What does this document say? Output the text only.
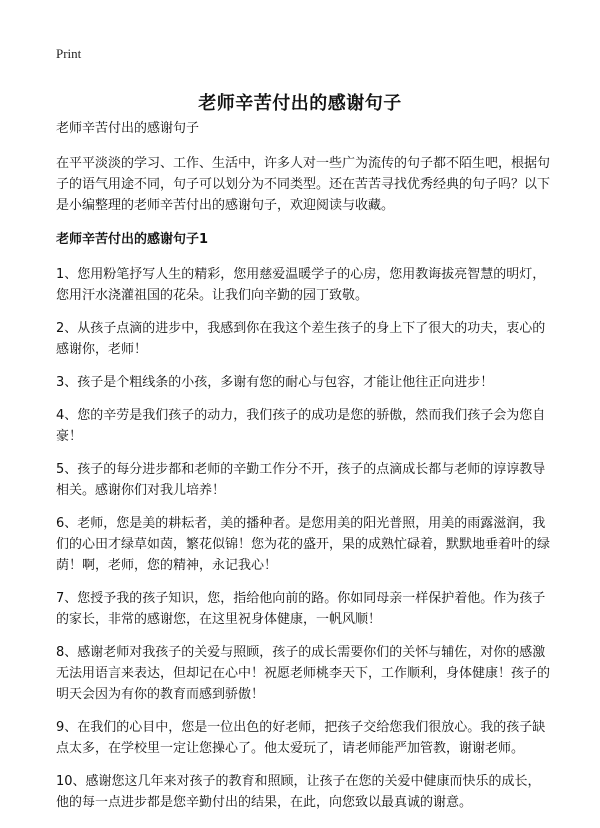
Print
老师辛苦付出的感谢句子

老师辛苦付出的感谢句子

在平平淡淡的学习、工作、生活中，许多人对一些广为流传的句子都不陌生吧，根据句子的语气用途不同，句子可以划分为不同类型。还在苦苦寻找优秀经典的句子吗？以下是小编整理的老师辛苦付出的感谢句子，欢迎阅读与收藏。

老师辛苦付出的感谢句子1

1、您用粉笔抒写人生的精彩，您用慈爱温暖学子的心房，您用教诲拔亮智慧的明灯，您用汗水浇灌祖国的花朵。让我们向辛勤的园丁致敬。

2、从孩子点滴的进步中，我感到你在我这个差生孩子的身上下了很大的功夫，衷心的感谢你，老师！

3、孩子是个粗线条的小孩，多谢有您的耐心与包容，才能让他往正向进步！

4、您的辛劳是我们孩子的动力，我们孩子的成功是您的骄傲，然而我们孩子会为您自豪！

5、孩子的每分进步都和老师的辛勤工作分不开，孩子的点滴成长都与老师的谆谆教导相关。感谢你们对我儿培养！

6、老师，您是美的耕耘者，美的播种者。是您用美的阳光普照，用美的雨露滋润，我们的心田才绿草如茵，繁花似锦！您为花的盛开，果的成熟忙碌着，默默地垂着叶的绿荫！啊，老师，您的精神，永记我心！

7、您授予我的孩子知识，您，指给他向前的路。你如同母亲一样保护着他。作为孩子的家长，非常的感谢您，在这里祝身体健康，一帆风顺！

8、感谢老师对我孩子的关爱与照顾，孩子的成长需要你们的关怀与辅佐，对你的感激无法用语言来表达，但却记在心中！祝愿老师桃李天下，工作顺利，身体健康！孩子的明天会因为有你的教育而感到骄傲！

9、在我们的心目中，您是一位出色的好老师，把孩子交给您我们很放心。我的孩子缺点太多，在学校里一定让您操心了。他太爱玩了，请老师能严加管教，谢谢老师。

10、感谢您这几年来对孩子的教育和照顾，让孩子在您的关爱中健康而快乐的成长，他的每一点进步都是您辛勤付出的结果，在此，向您致以最真诚的谢意。
